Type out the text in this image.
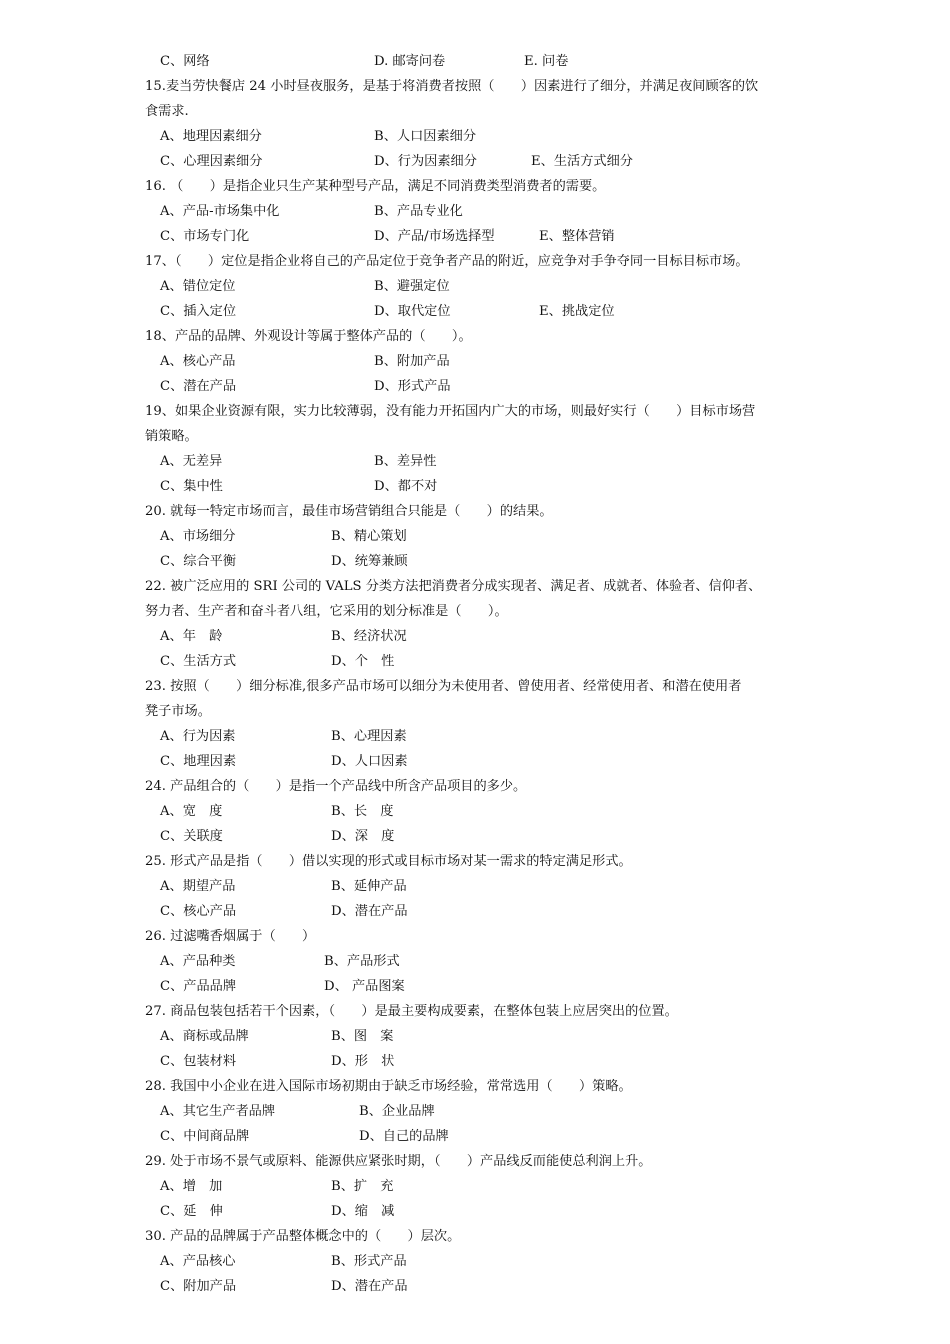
C、网络	D. 邮寄问卷	E. 问卷
15.麦当劳快餐店 24 小时昼夜服务，是基于将消费者按照（　　）因素进行了细分，并满足夜间顾客的饮
食需求.
A、地理因素细分	B、人口因素细分
C、心理因素细分	D、行为因素细分	E、生活方式细分
16. （　　）是指企业只生产某种型号产品，满足不同消费类型消费者的需要。
A、产品-市场集中化	B、产品专业化
C、市场专门化	D、产品/市场选择型	E、整体营销
17、（　　）定位是指企业将自己的产品定位于竞争者产品的附近，应竞争对手争夺同一目标目标市场。
A、错位定位	B、避强定位
C、插入定位	D、取代定位	E、挑战定位
18、产品的品牌、外观设计等属于整体产品的（　　）。
A、核心产品	B、附加产品
C、潜在产品	D、形式产品
19、如果企业资源有限，实力比较薄弱，没有能力开拓国内广大的市场，则最好实行（　　）目标市场营
销策略。
A、无差异	B、差异性
C、集中性	D、都不对
20. 就每一特定市场而言，最佳市场营销组合只能是（　　）的结果。
A、市场细分	B、精心策划
C、综合平衡	D、统筹兼顾
22. 被广泛应用的 SRI 公司的 VALS 分类方法把消费者分成实现者、满足者、成就者、体验者、信仰者、
努力者、生产者和奋斗者八组，它采用的划分标准是（　　）。
A、年　龄	B、经济状况
C、生活方式	D、个　性
23. 按照（　　）细分标准,很多产品市场可以细分为未使用者、曾使用者、经常使用者、和潜在使用者
凳子市场。
A、行为因素	B、心理因素
C、地理因素	D、人口因素
24. 产品组合的（　　）是指一个产品线中所含产品项目的多少。
A、宽　度	B、长　度
C、关联度	D、深　度
25. 形式产品是指（　　）借以实现的形式或目标市场对某一需求的特定满足形式。
A、期望产品	B、延伸产品
C、核心产品	D、潜在产品
26. 过滤嘴香烟属于（　　）
A、产品种类	B、产品形式
C、产品品牌	D、 产品图案
27. 商品包装包括若干个因素，（　　）是最主要构成要素，在整体包装上应居突出的位置。
A、商标或品牌	B、图　案
C、包装材料	D、形　状
28. 我国中小企业在进入国际市场初期由于缺乏市场经验，常常选用（　　）策略。
A、其它生产者品牌	B、企业品牌
C、中间商品牌	D、自己的品牌
29. 处于市场不景气或原料、能源供应紧张时期，（　　）产品线反而能使总利润上升。
A、增　加	B、扩　充
C、延　伸	D、缩　减
30. 产品的品牌属于产品整体概念中的（　　）层次。
A、产品核心	B、形式产品
C、附加产品	D、潜在产品
